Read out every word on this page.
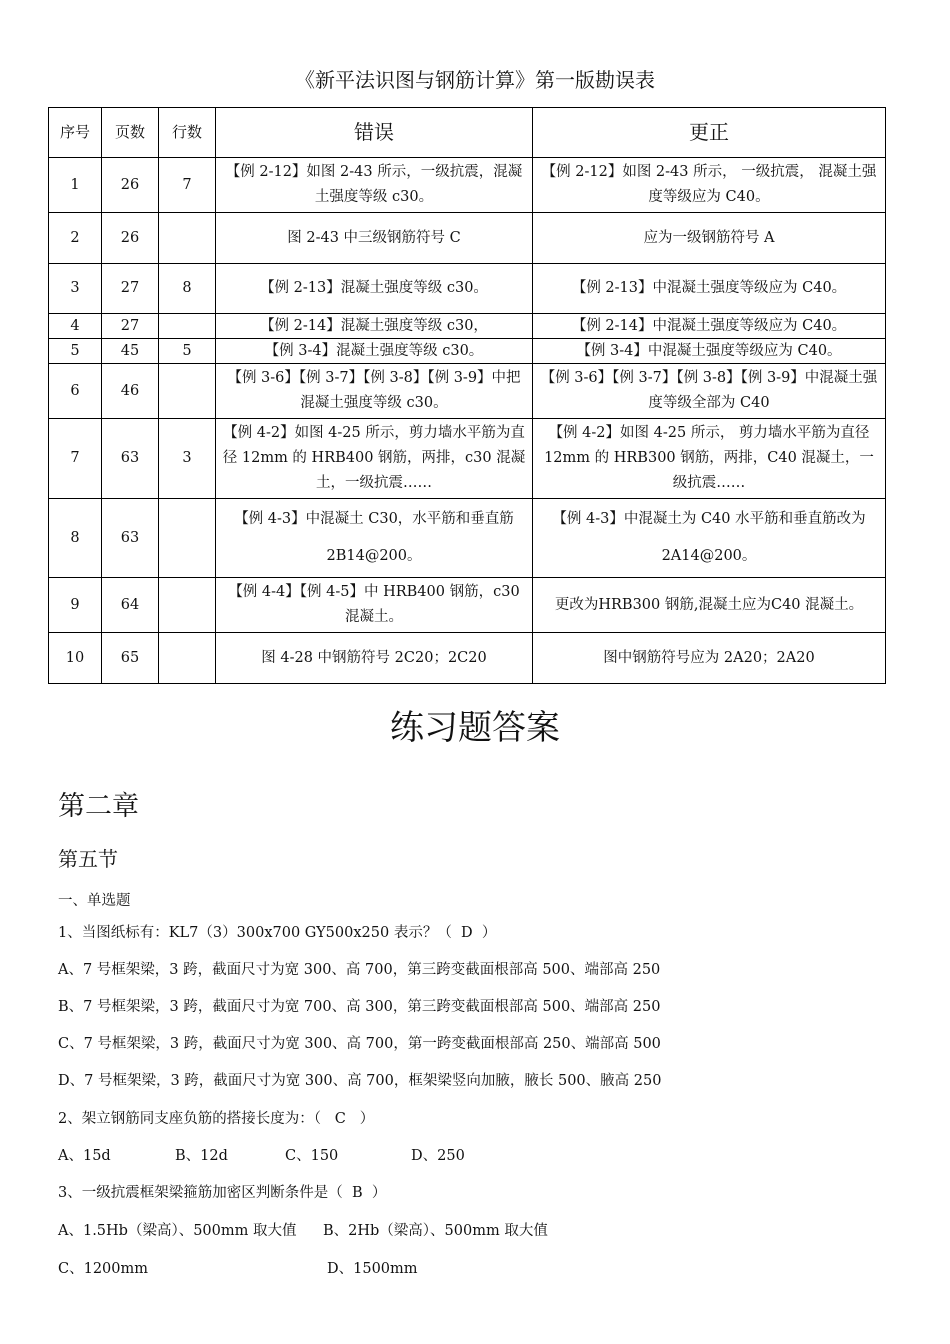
《新平法识图与钢筋计算》第一版勘误表
序号	页数	行数	错误	更正
1	26	7	【例 2-12】如图 2-43 所示，一级抗震，混凝土强度等级 c30。	【例 2-12】如图 2-43 所示， 一级抗震， 混凝土强度等级应为 C40。
2	26		图 2-43 中三级钢筋符号 C	应为一级钢筋符号 A
3	27	8	【例 2-13】混凝土强度等级 c30。	【例 2-13】中混凝土强度等级应为 C40。
4	27		【例 2-14】混凝土强度等级 c30，	【例 2-14】中混凝土强度等级应为 C40。
5	45	5	【例 3-4】混凝土强度等级 c30。	【例 3-4】中混凝土强度等级应为 C40。
6	46		【例 3-6】【例 3-7】【例 3-8】【例 3-9】中把混凝土强度等级 c30。	【例 3-6】【例 3-7】【例 3-8】【例 3-9】中混凝土强度等级全部为 C40
7	63	3	【例 4-2】如图 4-25 所示，剪力墙水平筋为直径 12mm 的 HRB400 钢筋，两排，c30 混凝土，一级抗震……	【例 4-2】如图 4-25 所示， 剪力墙水平筋为直径 12mm 的 HRB300 钢筋，两排，C40 混凝土，一级抗震……
8	63		【例 4-3】中混凝土 C30，水平筋和垂直筋 2B14@200。	【例 4-3】中混凝土为 C40 水平筋和垂直筋改为 2A14@200。
9	64		【例 4-4】【例 4-5】中 HRB400 钢筋，c30 混凝土。	更改为HRB300 钢筋,混凝土应为C40 混凝土。
10	65		图 4-28 中钢筋符号 2C20；2C20	图中钢筋符号应为 2A20；2A20
练习题答案
第二章
第五节
一、单选题
1、当图纸标有：KL7（3）300x700 GY500x250 表示？（  D  ）
A、7 号框架梁，3 跨，截面尺寸为宽 300、高 700，第三跨变截面根部高 500、端部高 250
B、7 号框架梁，3 跨，截面尺寸为宽 700、高 300，第三跨变截面根部高 500、端部高 250
C、7 号框架梁，3 跨，截面尺寸为宽 300、高 700，第一跨变截面根部高 250、端部高 500
D、7 号框架梁，3 跨，截面尺寸为宽 300、高 700，框架梁竖向加腋，腋长 500、腋高 250
2、架立钢筋同支座负筋的搭接长度为：（   C   ）
A、15d	B、12d	C、150	D、250
3、一级抗震框架梁箍筋加密区判断条件是（  B  ）
A、1.5Hb（梁高）、500mm 取大值 B、2Hb（梁高）、500mm 取大值
C、1200mm	D、1500mm
